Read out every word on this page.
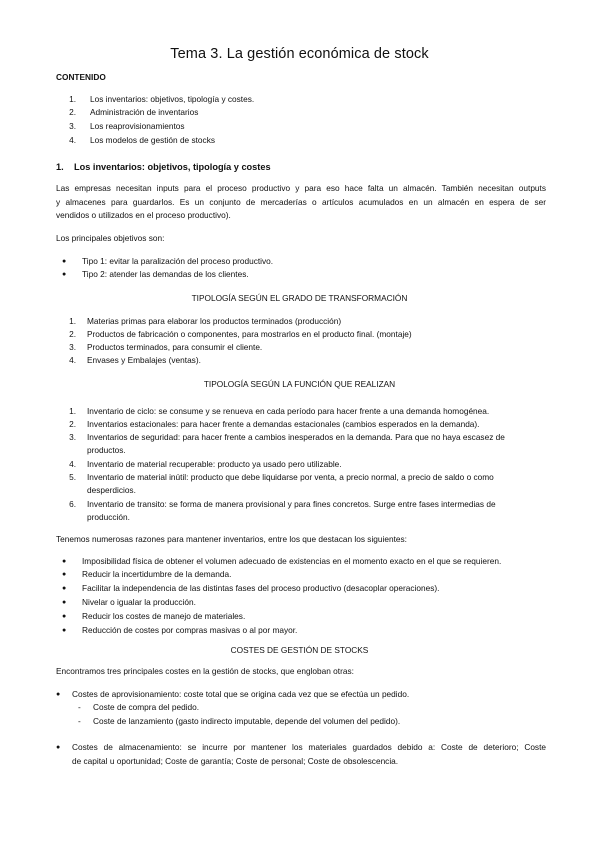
Tema 3. La gestión económica de stock
CONTENIDO
1. Los inventarios: objetivos, tipología y costes.
2. Administración de inventarios
3. Los reaprovisionamientos
4. Los modelos de gestión de stocks
1. Los inventarios: objetivos, tipología y costes
Las empresas necesitan inputs para el proceso productivo y para eso hace falta un almacén. También necesitan outputs
y almacenes para guardarlos. Es un conjunto de mercaderías o artículos acumulados en un almacén en espera de ser
vendidos o utilizados en el proceso productivo).
Los principales objetivos son:
● Tipo 1: evitar la paralización del proceso productivo.
● Tipo 2: atender las demandas de los clientes.
TIPOLOGÍA SEGÚN EL GRADO DE TRANSFORMACIÓN
1. Materias primas para elaborar los productos terminados (producción)
2. Productos de fabricación o componentes, para mostrarlos en el producto final. (montaje)
3. Productos terminados, para consumir el cliente.
4. Envases y Embalajes (ventas).
TIPOLOGÍA SEGÚN LA FUNCIÓN QUE REALIZAN
1. Inventario de ciclo: se consume y se renueva en cada período para hacer frente a una demanda homogénea.
2. Inventarios estacionales: para hacer frente a demandas estacionales (cambios esperados en la demanda).
3. Inventarios de seguridad: para hacer frente a cambios inesperados en la demanda. Para que no haya escasez de
productos.
4. Inventario de material recuperable: producto ya usado pero utilizable.
5. Inventario de material inútil: producto que debe liquidarse por venta, a precio normal, a precio de saldo o como
desperdicios.
6. Inventario de transito: se forma de manera provisional y para fines concretos. Surge entre fases intermedias de
producción.
Tenemos numerosas razones para mantener inventarios, entre los que destacan los siguientes:
● Imposibilidad física de obtener el volumen adecuado de existencias en el momento exacto en el que se requieren.
● Reducir la incertidumbre de la demanda.
● Facilitar la independencia de las distintas fases del proceso productivo (desacoplar operaciones).
● Nivelar o igualar la producción.
● Reducir los costes de manejo de materiales.
● Reducción de costes por compras masivas o al por mayor.
COSTES DE GESTIÓN DE STOCKS
Encontramos tres principales costes en la gestión de stocks, que engloban otras:
● Costes de aprovisionamiento: coste total que se origina cada vez que se efectúa un pedido.
- Coste de compra del pedido.
- Coste de lanzamiento (gasto indirecto imputable, depende del volumen del pedido).
● Costes de almacenamiento: se incurre por mantener los materiales guardados debido a: Coste de deterioro; Coste
de capital u oportunidad; Coste de garantía; Coste de personal; Coste de obsolescencia.
